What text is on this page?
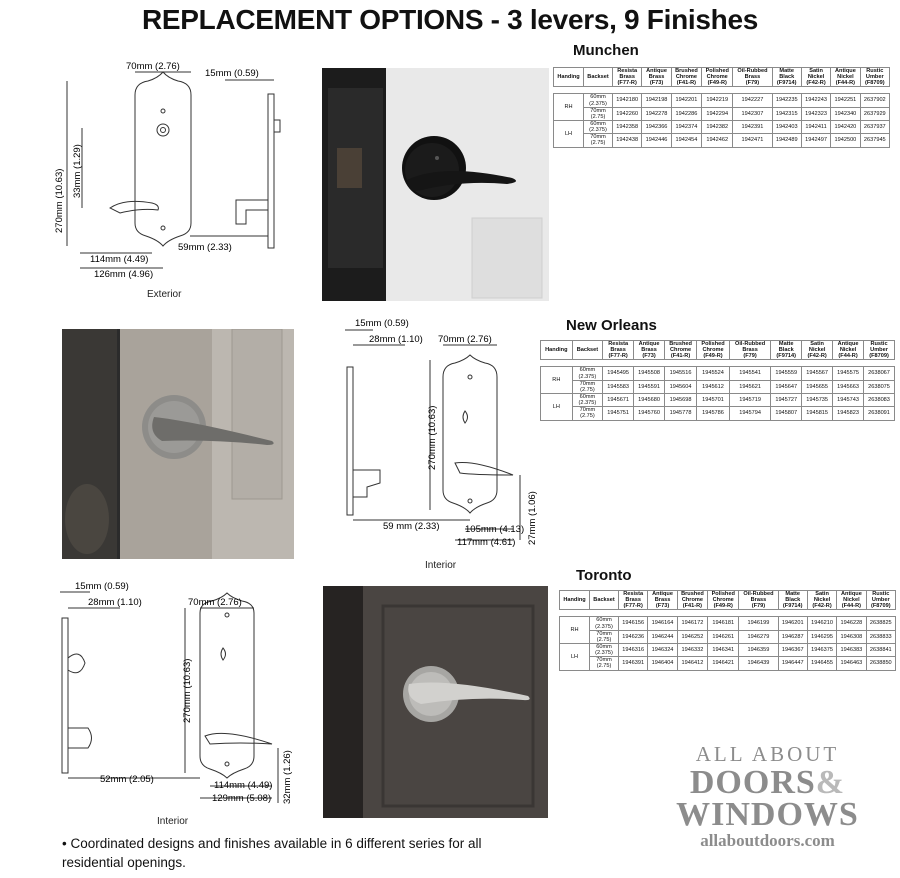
REPLACEMENT OPTIONS - 3 levers, 9 Finishes
Munchen
Handing	Backset	Resista
Brass
(F77-R)	Antique
Brass
(F73)	Brushed
Chrome
(F41-R)	Polished
Chrome
(F49-R)	Oil-Rubbed
Brass
(F79)	Matte
Black
(F9714)	Satin
Nickel
(F42-R)	Antique
Nickel
(F44-R)	Rustic
Umber
(F8709)

RH	60mm
(2.375)	1942180	1942198	1942201	1942219	1942227	1942235	1942243	1942251	2637902
	70mm
(2.75)	1942260	1942278	1942286	1942294	1942307	1942315	1942323	1942340	2637929
LH	60mm
(2.375)	1942358	1942366	1942374	1942382	1942391	1942403	1942411	1942420	2637937
	70mm
(2.75)	1942438	1942446	1942454	1942462	1942471	1942489	1942497	1942500	2637945
70mm (2.76)
15mm (0.59)
270mm (10.63) 33mm (1.29)
59mm (2.33)
114mm (4.49)
126mm (4.96)
Exterior
15mm (0.59)
28mm (1.10) 70mm (2.76)
270mm (10.63)
59 mm (2.33)	105mm (4.13)
117mm (4.61) 27mm (1.06)
Interior
New Orleans
Handing	Backset	Resista
Brass
(F77-R)	Antique
Brass
(F73)	Brushed
Chrome
(F41-R)	Polished
Chrome
(F49-R)	Oil-Rubbed
Brass
(F79)	Matte
Black
(F9714)	Satin
Nickel
(F42-R)	Antique
Nickel
(F44-R)	Rustic
Umber
(F8709)

RH	60mm
(2.375)	1945495	1945508	1945516	1945524	1945541	1945559	1945567	1945575	2638067
	70mm
(2.75)	1945583	1945591	1945604	1945612	1945621	1945647	1945655	1945663	2638075
LH	60mm
(2.375)	1945671	1945680	1945698	1945701	1945719	1945727	1945735	1945743	2638083
	70mm
(2.75)	1945751	1945760	1945778	1945786	1945794	1945807	1945815	1945823	2638091
15mm (0.59)
28mm (1.10)	70mm (2.76)
270mm (10.63)
52mm (2.05)
114mm (4.49)
129mm (5.08) 32mm (1.26)
Interior
Toronto
Handing	Backset	Resista
Brass
(F77-R)	Antique
Brass
(F73)	Brushed
Chrome
(F41-R)	Polished
Chrome
(F49-R)	Oil-Rubbed
Brass
(F79)	Matte
Black
(F9714)	Satin
Nickel
(F42-R)	Antique
Nickel
(F44-R)	Rustic
Umber
(F8709)

RH	60mm
(2.375)	1946156	1946164	1946172	1946181	1946199	1946201	1946210	1946228	2638825
	70mm
(2.75)	1946236	1946244	1946252	1946261	1946279	1946287	1946295	1946308	2638833
LH	60mm
(2.375)	1946316	1946324	1946332	1946341	1946359	1946367	1946375	1946383	2638841
	70mm
(2.75)	1946391	1946404	1946412	1946421	1946439	1946447	1946455	1946463	2638850
• Coordinated designs and finishes available in 6 different series for all residential openings.
ALL ABOUT
DOORS&
WINDOWS
allaboutdoors.com
